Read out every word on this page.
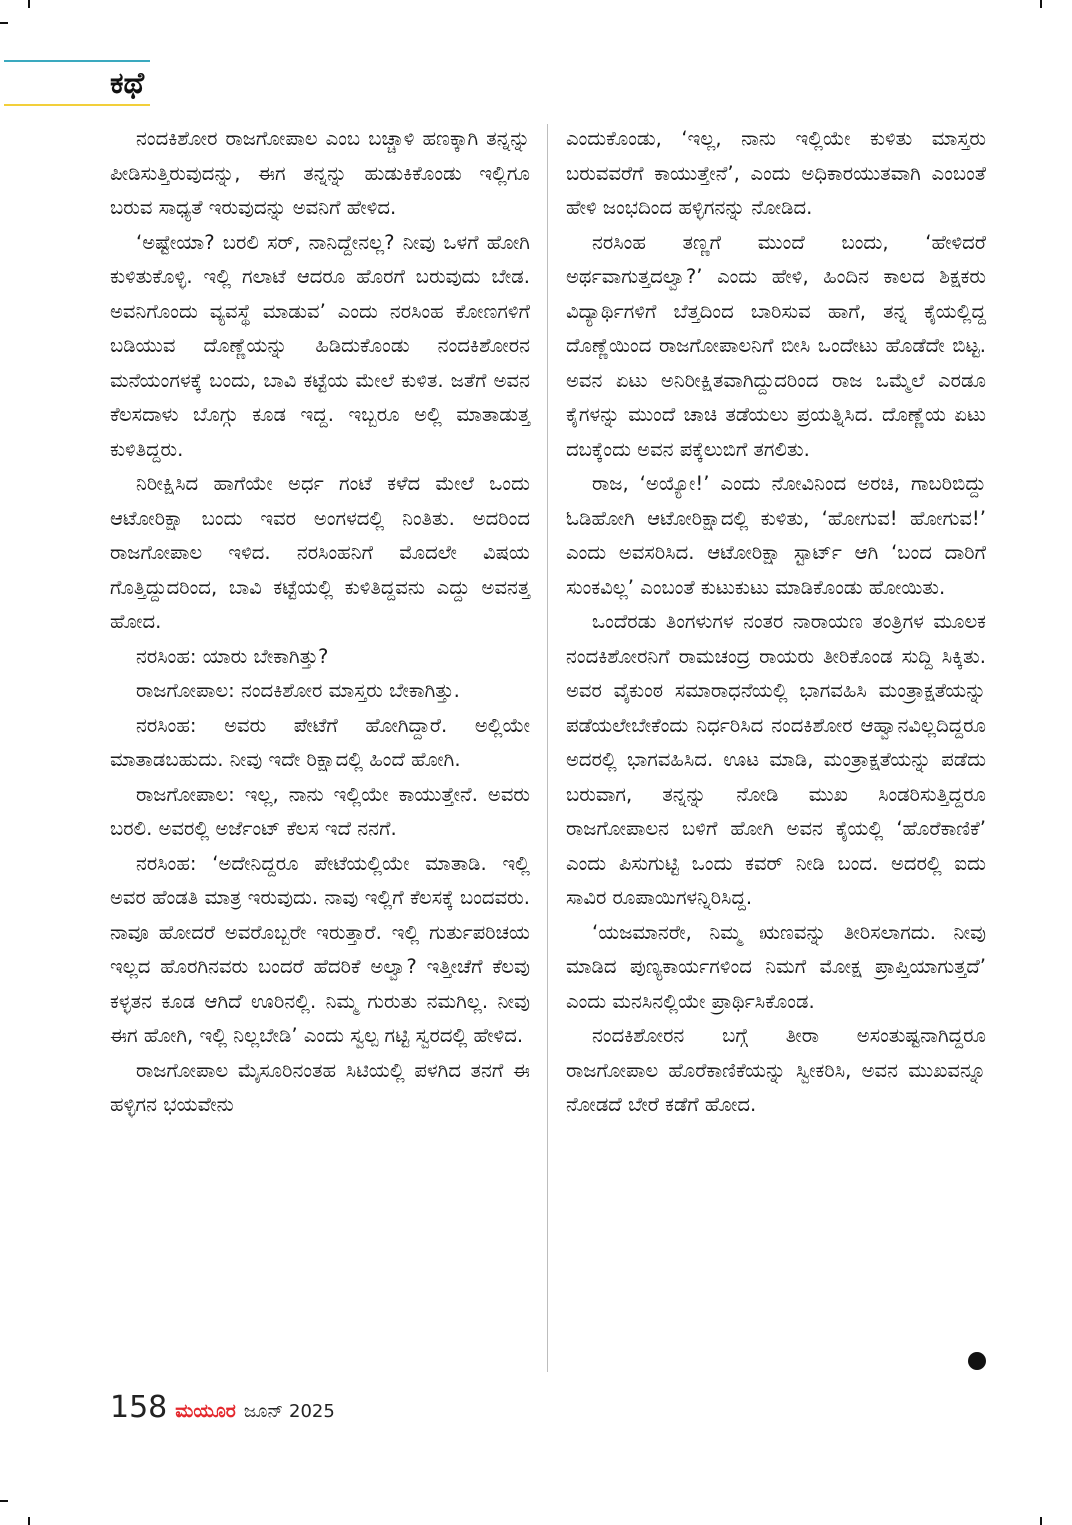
ಕಥೆ

ನಂದಕಿಶೋರ ರಾಜಗೋಪಾಲ ಎಂಬ ಬಚ್ಚಾಳಿ ಹಣಕ್ಕಾಗಿ ತನ್ನನ್ನು ಪೀಡಿಸುತ್ತಿರುವುದನ್ನು, ಈಗ ತನ್ನನ್ನು ಹುಡುಕಿಕೊಂಡು ಇಲ್ಲಿಗೂ ಬರುವ ಸಾಧ್ಯತೆ ಇರುವುದನ್ನು ಅವನಿಗೆ ಹೇಳಿದ.

‘ಅಷ್ಟೇಯಾ? ಬರಲಿ ಸರ್, ನಾನಿದ್ದೇನಲ್ಲ? ನೀವು ಒಳಗೆ ಹೋಗಿ ಕುಳಿತುಕೊಳ್ಳಿ. ಇಲ್ಲಿ ಗಲಾಟೆ ಆದರೂ ಹೊರಗೆ ಬರುವುದು ಬೇಡ. ಅವನಿಗೊಂದು ವ್ಯವಸ್ಥೆ ಮಾಡುವ’ ಎಂದು ನರಸಿಂಹ ಕೋಣಗಳಿಗೆ ಬಡಿಯುವ ದೊಣ್ಣೆಯನ್ನು ಹಿಡಿದುಕೊಂಡು ನಂದಕಿಶೋರನ ಮನೆಯಂಗಳಕ್ಕೆ ಬಂದು, ಬಾವಿ ಕಟ್ಟೆಯ ಮೇಲೆ ಕುಳಿತ. ಜತೆಗೆ ಅವನ ಕೆಲಸದಾಳು ಬೊಗ್ಗು ಕೂಡ ಇದ್ದ. ಇಬ್ಬರೂ ಅಲ್ಲಿ ಮಾತಾಡುತ್ತ ಕುಳಿತಿದ್ದರು.

ನಿರೀಕ್ಷಿಸಿದ ಹಾಗೆಯೇ ಅರ್ಧ ಗಂಟೆ ಕಳೆದ ಮೇಲೆ ಒಂದು ಆಟೋರಿಕ್ಷಾ ಬಂದು ಇವರ ಅಂಗಳದಲ್ಲಿ ನಿಂತಿತು. ಅದರಿಂದ ರಾಜಗೋಪಾಲ ಇಳಿದ. ನರಸಿಂಹನಿಗೆ ಮೊದಲೇ ವಿಷಯ ಗೊತ್ತಿದ್ದುದರಿಂದ, ಬಾವಿ ಕಟ್ಟೆಯಲ್ಲಿ ಕುಳಿತಿದ್ದವನು ಎದ್ದು ಅವನತ್ತ ಹೋದ.

ನರಸಿಂಹ: ಯಾರು ಬೇಕಾಗಿತ್ತು?

ರಾಜಗೋಪಾಲ: ನಂದಕಿಶೋರ ಮಾಸ್ತರು ಬೇಕಾಗಿತ್ತು.

ನರಸಿಂಹ: ಅವರು ಪೇಟೆಗೆ ಹೋಗಿದ್ದಾರೆ. ಅಲ್ಲಿಯೇ ಮಾತಾಡಬಹುದು. ನೀವು ಇದೇ ರಿಕ್ಷಾದಲ್ಲಿ ಹಿಂದೆ ಹೋಗಿ.

ರಾಜಗೋಪಾಲ: ಇಲ್ಲ, ನಾನು ಇಲ್ಲಿಯೇ ಕಾಯುತ್ತೇನೆ. ಅವರು ಬರಲಿ. ಅವರಲ್ಲಿ ಅರ್ಜೆಂಟ್ ಕೆಲಸ ಇದೆ ನನಗೆ.

ನರಸಿಂಹ: ‘ಅದೇನಿದ್ದರೂ ಪೇಟೆಯಲ್ಲಿಯೇ ಮಾತಾಡಿ. ಇಲ್ಲಿ ಅವರ ಹೆಂಡತಿ ಮಾತ್ರ ಇರುವುದು. ನಾವು ಇಲ್ಲಿಗೆ ಕೆಲಸಕ್ಕೆ ಬಂದವರು. ನಾವೂ ಹೋದರೆ ಅವರೊಬ್ಬರೇ ಇರುತ್ತಾರೆ. ಇಲ್ಲಿ ಗುರ್ತುಪರಿಚಯ ಇಲ್ಲದ ಹೊರಗಿನವರು ಬಂದರೆ ಹೆದರಿಕೆ ಅಲ್ವಾ? ಇತ್ತೀಚೆಗೆ ಕೆಲವು ಕಳ್ಳತನ ಕೂಡ ಆಗಿದೆ ಊರಿನಲ್ಲಿ. ನಿಮ್ಮ ಗುರುತು ನಮಗಿಲ್ಲ. ನೀವು ಈಗ ಹೋಗಿ, ಇಲ್ಲಿ ನಿಲ್ಲಬೇಡಿ’ ಎಂದು ಸ್ವಲ್ಪ ಗಟ್ಟಿ ಸ್ವರದಲ್ಲಿ ಹೇಳಿದ.

ರಾಜಗೋಪಾಲ ಮೈಸೂರಿನಂತಹ ಸಿಟಿಯಲ್ಲಿ ಪಳಗಿದ ತನಗೆ ಈ ಹಳ್ಳಿಗನ ಭಯವೇನು

ಎಂದುಕೊಂಡು, ‘ಇಲ್ಲ, ನಾನು ಇಲ್ಲಿಯೇ ಕುಳಿತು ಮಾಸ್ತರು ಬರುವವರೆಗೆ ಕಾಯುತ್ತೇನೆ’, ಎಂದು ಅಧಿಕಾರಯುತವಾಗಿ ಎಂಬಂತೆ ಹೇಳಿ ಜಂಭದಿಂದ ಹಳ್ಳಿಗನನ್ನು ನೋಡಿದ.

ನರಸಿಂಹ ತಣ್ಣಗೆ ಮುಂದೆ ಬಂದು, ‘ಹೇಳಿದರೆ ಅರ್ಥವಾಗುತ್ತದಲ್ವಾ?’ ಎಂದು ಹೇಳಿ, ಹಿಂದಿನ ಕಾಲದ ಶಿಕ್ಷಕರು ವಿದ್ಯಾರ್ಥಿಗಳಿಗೆ ಬೆತ್ತದಿಂದ ಬಾರಿಸುವ ಹಾಗೆ, ತನ್ನ ಕೈಯಲ್ಲಿದ್ದ ದೊಣ್ಣೆಯಿಂದ ರಾಜಗೋಪಾಲನಿಗೆ ಬೀಸಿ ಒಂದೇಟು ಹೊಡೆದೇ ಬಿಟ್ಟ. ಅವನ ಏಟು ಅನಿರೀಕ್ಷಿತವಾಗಿದ್ದುದರಿಂದ ರಾಜ ಒಮ್ಮೆಲೆ ಎರಡೂ ಕೈಗಳನ್ನು ಮುಂದೆ ಚಾಚಿ ತಡೆಯಲು ಪ್ರಯತ್ನಿಸಿದ. ದೊಣ್ಣೆಯ ಏಟು ದಬಕ್ಕೆಂದು ಅವನ ಪಕ್ಕೆಲುಬಿಗೆ ತಗಲಿತು.

ರಾಜ, ‘ಅಯ್ಯೋ!’ ಎಂದು ನೋವಿನಿಂದ ಅರಚಿ, ಗಾಬರಿಬಿದ್ದು ಓಡಿಹೋಗಿ ಆಟೋರಿಕ್ಷಾದಲ್ಲಿ ಕುಳಿತು, ‘ಹೋಗುವ! ಹೋಗುವ!’ ಎಂದು ಅವಸರಿಸಿದ. ಆಟೋರಿಕ್ಷಾ ಸ್ಟಾರ್ಟ್ ಆಗಿ ‘ಬಂದ ದಾರಿಗೆ ಸುಂಕವಿಲ್ಲ’ ಎಂಬಂತೆ ಕುಟುಕುಟು ಮಾಡಿಕೊಂಡು ಹೋಯಿತು.

ಒಂದೆರಡು ತಿಂಗಳುಗಳ ನಂತರ ನಾರಾಯಣ ತಂತ್ರಿಗಳ ಮೂಲಕ ನಂದಕಿಶೋರನಿಗೆ ರಾಮಚಂದ್ರ ರಾಯರು ತೀರಿಕೊಂಡ ಸುದ್ದಿ ಸಿಕ್ಕಿತು. ಅವರ ವೈಕುಂಠ ಸಮಾರಾಧನೆಯಲ್ಲಿ ಭಾಗವಹಿಸಿ ಮಂತ್ರಾಕ್ಷತೆಯನ್ನು ಪಡೆಯಲೇಬೇಕೆಂದು ನಿರ್ಧರಿಸಿದ ನಂದಕಿಶೋರ ಆಹ್ವಾನವಿಲ್ಲದಿದ್ದರೂ ಅದರಲ್ಲಿ ಭಾಗವಹಿಸಿದ. ಊಟ ಮಾಡಿ, ಮಂತ್ರಾಕ್ಷತೆಯನ್ನು ಪಡೆದು ಬರುವಾಗ, ತನ್ನನ್ನು ನೋಡಿ ಮುಖ ಸಿಂಡರಿಸುತ್ತಿದ್ದರೂ ರಾಜಗೋಪಾಲನ ಬಳಿಗೆ ಹೋಗಿ ಅವನ ಕೈಯಲ್ಲಿ ‘ಹೊರೆಕಾಣಿಕೆ’ ಎಂದು ಪಿಸುಗುಟ್ಟಿ ಒಂದು ಕವರ್ ನೀಡಿ ಬಂದ. ಅದರಲ್ಲಿ ಐದು ಸಾವಿರ ರೂಪಾಯಿಗಳನ್ನಿರಿಸಿದ್ದ.

‘ಯಜಮಾನರೇ, ನಿಮ್ಮ ಋಣವನ್ನು ತೀರಿಸಲಾಗದು. ನೀವು ಮಾಡಿದ ಪುಣ್ಯಕಾರ್ಯಗಳಿಂದ ನಿಮಗೆ ಮೋಕ್ಷ ಪ್ರಾಪ್ತಿಯಾಗುತ್ತದೆ’ ಎಂದು ಮನಸಿನಲ್ಲಿಯೇ ಪ್ರಾರ್ಥಿಸಿಕೊಂಡ.

ನಂದಕಿಶೋರನ ಬಗ್ಗೆ ತೀರಾ ಅಸಂತುಷ್ಟನಾಗಿದ್ದರೂ ರಾಜಗೋಪಾಲ ಹೊರೆಕಾಣಿಕೆಯನ್ನು ಸ್ವೀಕರಿಸಿ, ಅವನ ಮುಖವನ್ನೂ ನೋಡದೆ ಬೇರೆ ಕಡೆಗೆ ಹೋದ.

158 ಮಯೂರ ಜೂನ್ 2025
